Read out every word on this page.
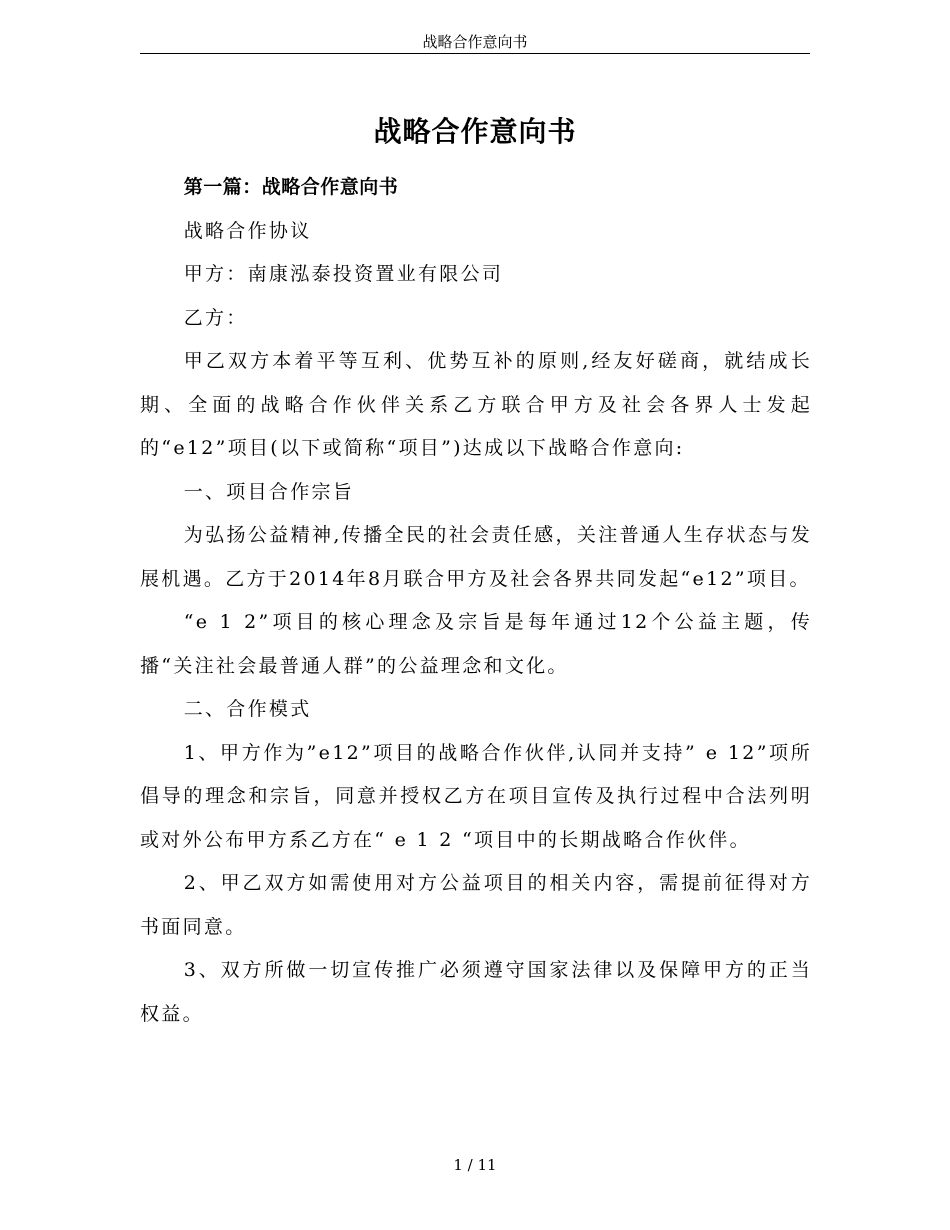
战略合作意向书
战略合作意向书

第一篇：战略合作意向书

战略合作协议

甲方：南康泓泰投资置业有限公司

乙方：

甲乙双方本着平等互利、优势互补的原则,经友好磋商，就结成长期、全面的战略合作伙伴关系乙方联合甲方及社会各界人士发起的“e12”项目(以下或简称“项目”)达成以下战略合作意向:

一、项目合作宗旨

为弘扬公益精神,传播全民的社会责任感，关注普通人生存状态与发展机遇。乙方于2014年8月联合甲方及社会各界共同发起“e12”项目。

“e 1 2”项目的核心理念及宗旨是每年通过12个公益主题，传播“关注社会最普通人群”的公益理念和文化。

二、合作模式

1、甲方作为”e12”项目的战略合作伙伴,认同并支持” e 12”项所倡导的理念和宗旨，同意并授权乙方在项目宣传及执行过程中合法列明或对外公布甲方系乙方在“ e 1 2 “项目中的长期战略合作伙伴。

2、甲乙双方如需使用对方公益项目的相关内容，需提前征得对方书面同意。

3、双方所做一切宣传推广必须遵守国家法律以及保障甲方的正当权益。

1 / 11
